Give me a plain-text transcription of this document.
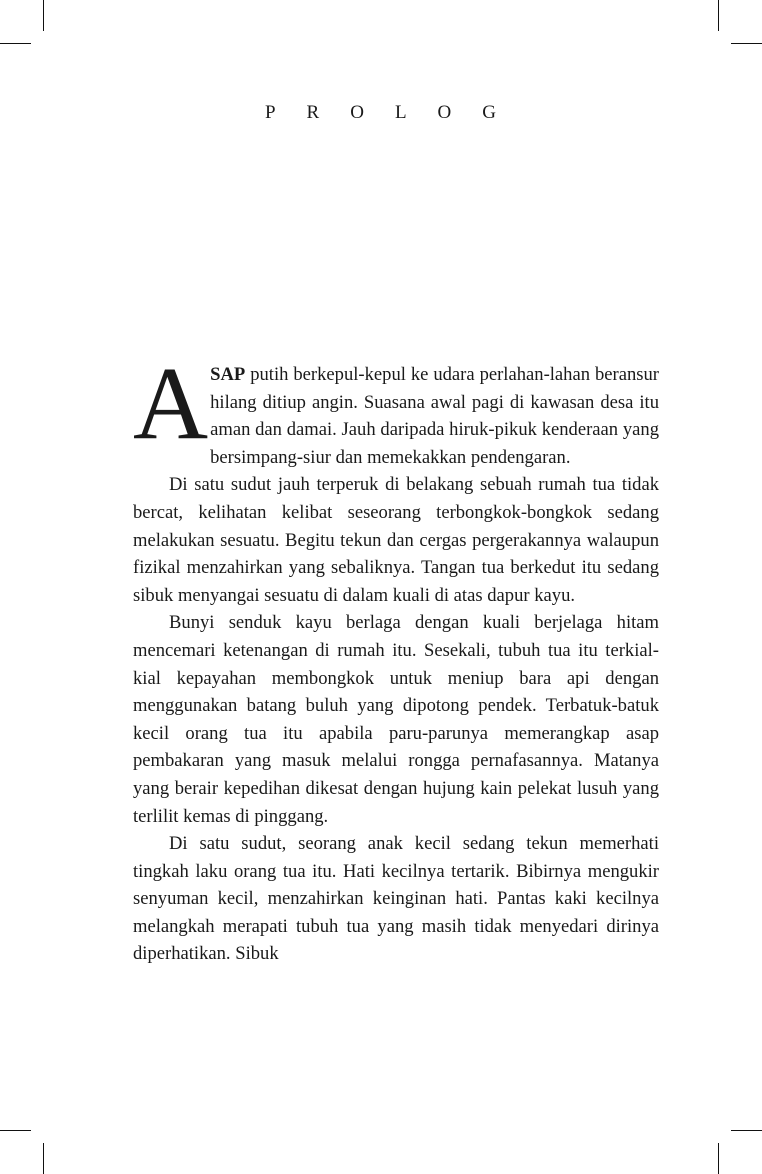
PROLOG

ASAP putih berkepul-kepul ke udara perlahan-lahan beransur hilang ditiup angin. Suasana awal pagi di kawasan desa itu aman dan damai. Jauh daripada hiruk-pikuk kenderaan yang bersimpang-siur dan memekakkan pendengaran.

Di satu sudut jauh terperuk di belakang sebuah rumah tua tidak bercat, kelihatan kelibat seseorang terbongkok-bongkok sedang melakukan sesuatu. Begitu tekun dan cergas pergerakannya walaupun fizikal menzahirkan yang sebaliknya. Tangan tua berkedut itu sedang sibuk menyangai sesuatu di dalam kuali di atas dapur kayu.

Bunyi senduk kayu berlaga dengan kuali berjelaga hitam mencemari ketenangan di rumah itu. Sesekali, tubuh tua itu terkial-kial kepayahan membongkok untuk meniup bara api dengan menggunakan batang buluh yang dipotong pendek. Terbatuk-batuk kecil orang tua itu apabila paru-parunya memerangkap asap pembakaran yang masuk melalui rongga pernafasannya. Matanya yang berair kepedihan dikesat dengan hujung kain pelekat lusuh yang terlilit kemas di pinggang.

Di satu sudut, seorang anak kecil sedang tekun memerhati tingkah laku orang tua itu. Hati kecilnya tertarik. Bibirnya mengukir senyuman kecil, menzahirkan keinginan hati. Pantas kaki kecilnya melangkah merapati tubuh tua yang masih tidak menyedari dirinya diperhatikan. Sibuk
